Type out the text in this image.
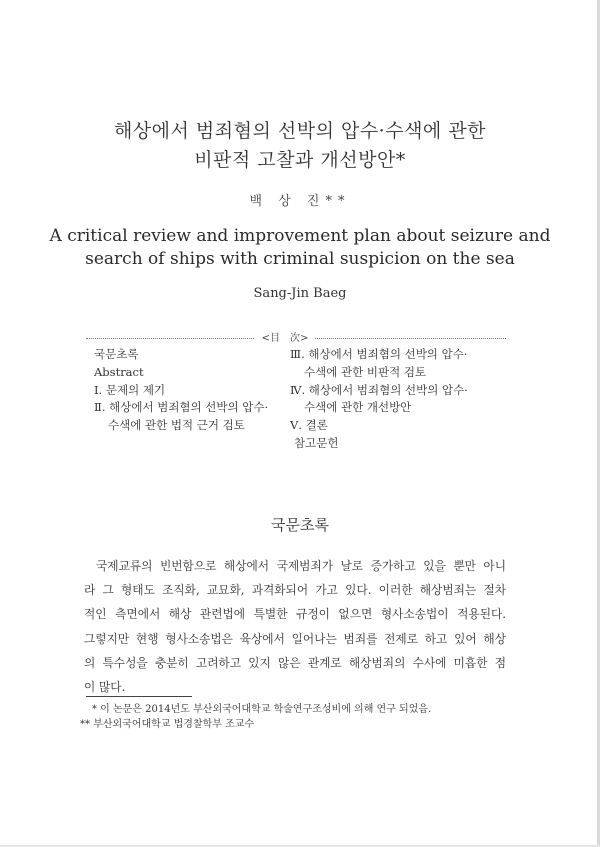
해상에서 범죄혐의 선박의 압수·수색에 관한
비판적 고찰과 개선방안*
백 상 진**
A critical review and improvement plan about seizure and
search of ships with criminal suspicion on the sea
Sang-Jin Baeg
<目　次>
국문초록
Abstract
Ⅰ. 문제의 제기
Ⅱ. 해상에서 범죄혐의 선박의 압수·
수색에 관한 법적 근거 검토
Ⅲ. 해상에서 범죄혐의 선박의 압수·
수색에 관한 비판적 검토
Ⅳ. 해상에서 범죄혐의 선박의 압수·
수색에 관한 개선방안
Ⅴ. 결론
참고문헌
국문초록
국제교류의 빈번함으로 해상에서 국제범죄가 날로 증가하고 있을 뿐만 아니
라 그 형태도 조직화, 교묘화, 과격화되어 가고 있다. 이러한 해상범죄는 절차
적인 측면에서 해상 관련법에 특별한 규정이 없으면 형사소송법이 적용된다.
그렇지만 현행 형사소송법은 육상에서 일어나는 범죄를 전제로 하고 있어 해상
의 특수성을 충분히 고려하고 있지 않은 관계로 해상범죄의 수사에 미흡한 점
이 많다.
* 이 논문은 2014년도 부산외국어대학교 학술연구조성비에 의해 연구 되었음.
** 부산외국어대학교 법경찰학부 조교수
